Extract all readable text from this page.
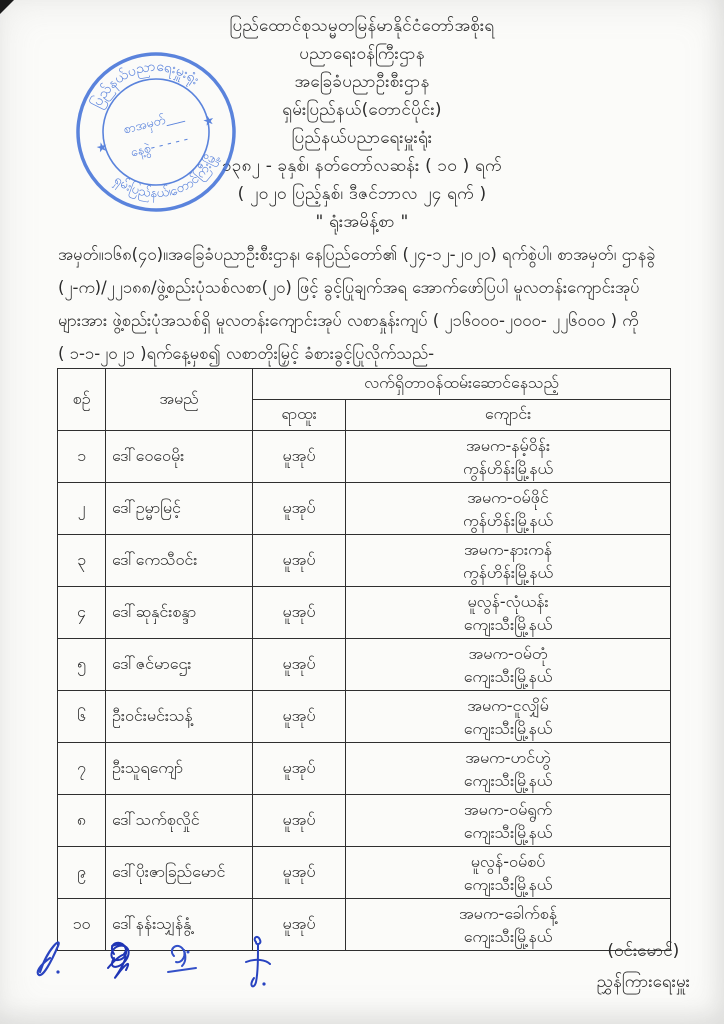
ပြည်ထောင်စုသမ္မတမြန်မာနိုင်ငံတော်အစိုးရ
ပညာရေးဝန်ကြီးဌာန
အခြေခံပညာဦးစီးဌာန
ရှမ်းပြည်နယ်(တောင်ပိုင်း)
ပြည်နယ်ပညာရေးမှူးရုံး
၁၃၈၂ - ခုနှစ်၊ နတ်တော်လဆန်း ( ၁၀ ) ရက်
( ၂၀၂၀ ပြည့်နှစ်၊ ဒီဇင်ဘာလ ၂၄ ရက် )
" ရုံးအမိန့်စာ "
ပြည်နယ်ပညာရေးမှူးရုံး
ရှမ်းပြည်နယ်၊တောင်ကြီးမြို့
★
★
စာအမှတ်___
နေ့စွဲ- - - - -
အမှတ်။၁၆၈(၄၀)။အခြေခံပညာဦးစီးဌာန၊ နေပြည်တော်၏ (၂၄-၁၂-၂၀၂၀) ရက်စွဲပါ၊ စာအမှတ်၊ ဌာနခွဲ
(၂-က)/၂၂၁၈၈/ဖွဲ့စည်းပုံသစ်လစာ(၂၀) ဖြင့် ခွင့်ပြုချက်အရ အောက်ဖော်ပြပါ မူလတန်းကျောင်းအုပ်
များအား ဖွဲ့စည်းပုံအသစ်ရှိ မူလတန်းကျောင်းအုပ် လစာနှုန်းကျပ် ( ၂၁၆၀၀၀-၂၀၀၀- ၂၂၆၀၀၀ ) ကို
( ၁-၁-၂၀၂၁ )ရက်နေ့မှစ၍ လစာတိုးမြှင့် ခံစားခွင့်ပြုလိုက်သည်-
စဉ်	အမည်	လက်ရှိတာဝန်ထမ်းဆောင်နေသည့်	
		ရာထူး	ကျောင်း
၁	ဒေါ်ဝေဝေမိုး	မူအုပ်	အမက-နမ့်ဝိန်း
ကွန်ဟိန်းမြို့နယ်

၂	ဒေါ်ဥမ္မာမြင့်	မူအုပ်	အမက-ဝမ်ဖိုင်
ကွန်ဟိန်းမြို့နယ်

၃	ဒေါ်ကေသီဝင်း	မူအုပ်	အမက-နားကန်
ကွန်ဟိန်းမြို့နယ်

၄	ဒေါ်ဆုနှင်းစန္ဒာ	မူအုပ်	မူလွန်-လုံယန်း
ကျေးသီးမြို့နယ်

၅	ဒေါ်ဇင်မာဌေး	မူအုပ်	အမက-ဝမ်တုံ
ကျေးသီးမြို့နယ်

၆	ဦးဝင်းမင်းသန့်	မူအုပ်	အမက-ငူလျှိမ်
ကျေးသီးမြို့နယ်

၇	ဦးသူရကျော်	မူအုပ်	အမက-ဟင်ဟွဲ
ကျေးသီးမြို့နယ်

၈	ဒေါ်သက်စုလှိုင်	မူအုပ်	အမက-ဝမ်ရွက်
ကျေးသီးမြို့နယ်

၉	ဒေါ်ပိုးဇာခြည်မောင်	မူအုပ်	မူလွန်-ဝမ်စပ်
ကျေးသီးမြို့နယ်

၁၀	ဒေါ်နန်းသျှန်နွံ့	မူအုပ်	အမက-ခေါက်စန့်
ကျေးသီးမြို့နယ်
(ဝင်းမောင်)
ညွှန်ကြားရေးမှူး
